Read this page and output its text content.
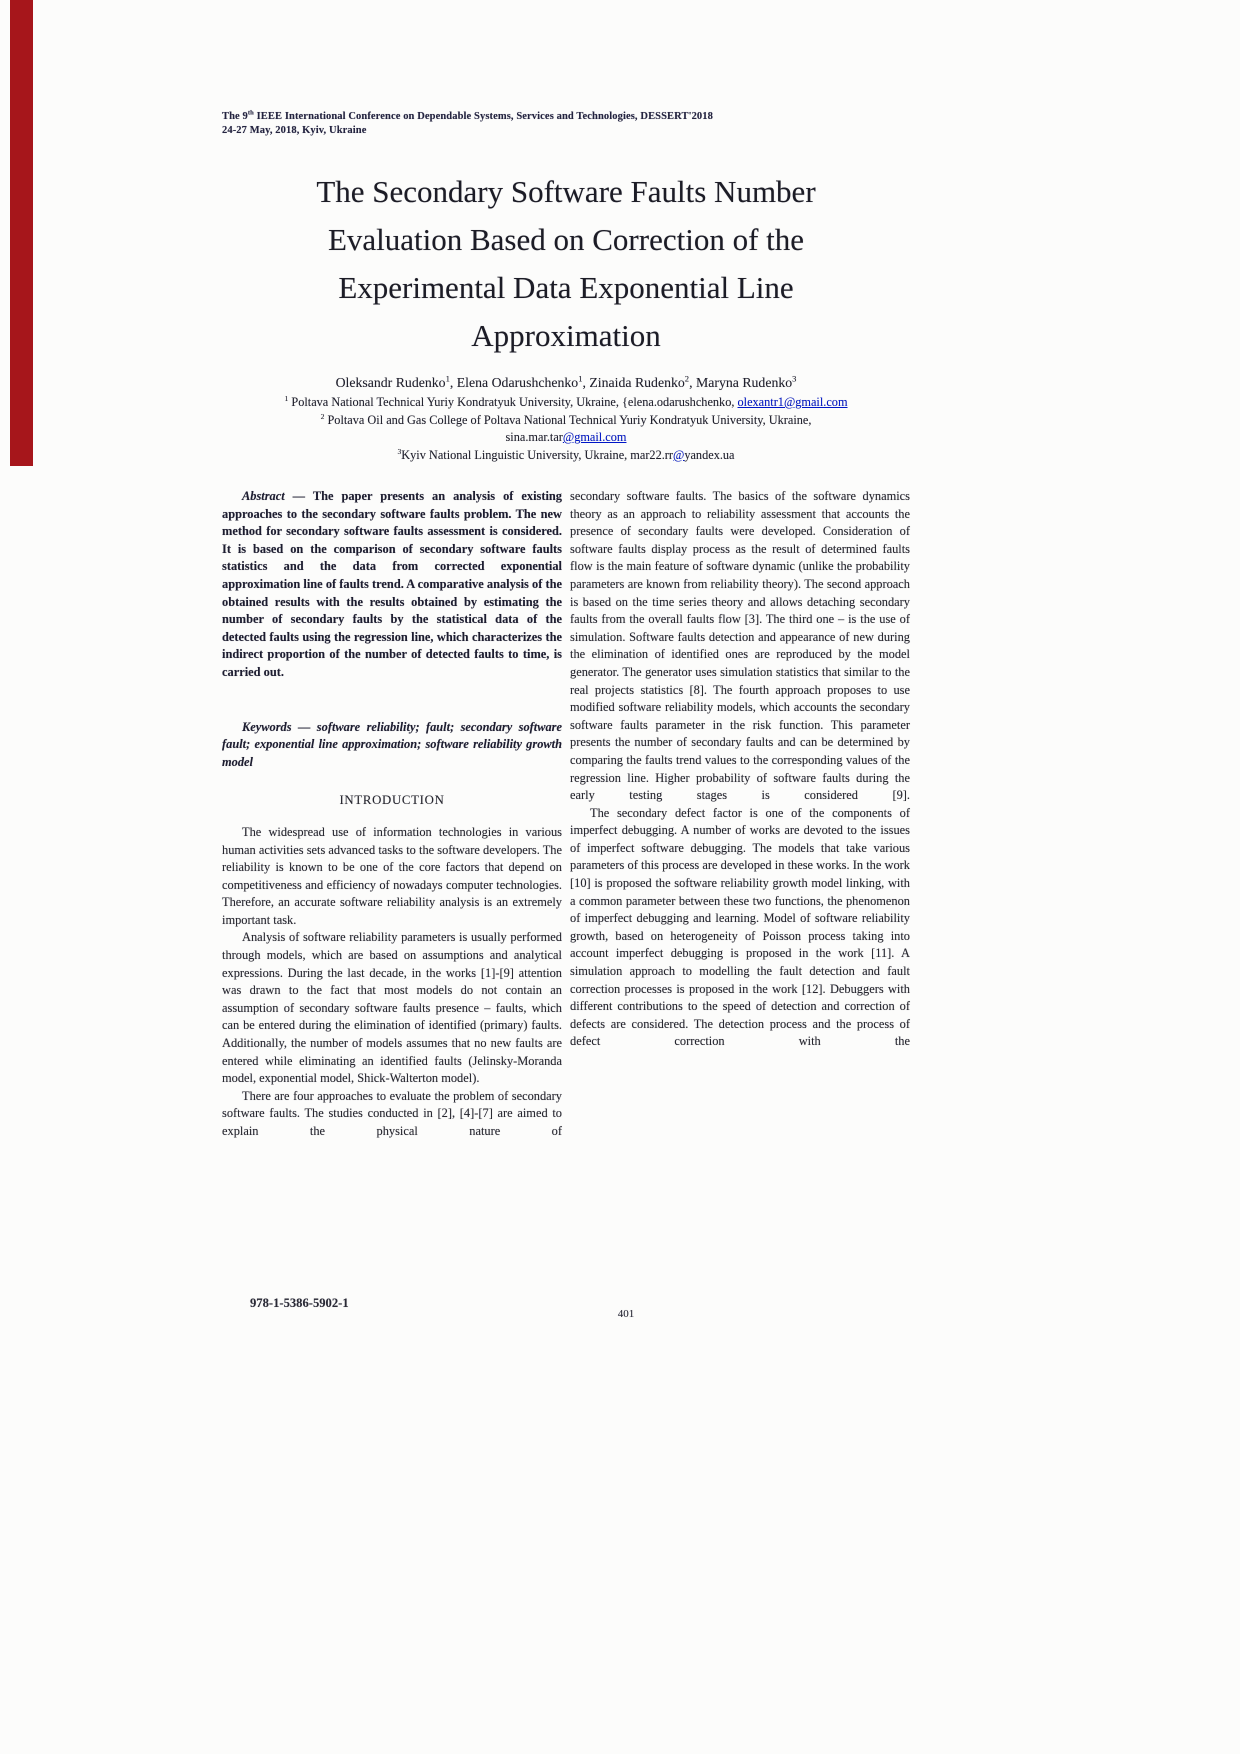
The 9th IEEE International Conference on Dependable Systems, Services and Technologies, DESSERT'2018
24-27 May, 2018, Kyiv, Ukraine
The Secondary Software Faults Number
Evaluation Based on Correction of the
Experimental Data Exponential Line
Approximation
Oleksandr Rudenko$^1$, Elena Odarushchenko$^1$, Zinaida Rudenko$^2$, Maryna Rudenko$^3$
$^1$ Poltava National Technical Yuriy Kondratyuk University, Ukraine, {elena.odarushchenko, olexantr1@gmail.com
$^2$ Poltava Oil and Gas College of Poltava National Technical Yuriy Kondratyuk University, Ukraine,
sina.mar.tar@gmail.com
$^3$Kyiv National Linguistic University, Ukraine, mar22.rr@yandex.ua

Abstract — The paper presents an analysis of existing approaches to the secondary software faults problem. The new method for secondary software faults assessment is considered. It is based on the comparison of secondary software faults statistics and the data from corrected exponential approximation line of faults trend. A comparative analysis of the obtained results with the results obtained by estimating the number of secondary faults by the statistical data of the detected faults using the regression line, which characterizes the indirect proportion of the number of detected faults to time, is carried out.

Keywords — software reliability; fault; secondary software fault; exponential line approximation; software reliability growth model

INTRODUCTION

The widespread use of information technologies in various human activities sets advanced tasks to the software developers. The reliability is known to be one of the core factors that depend on competitiveness and efficiency of nowadays computer technologies. Therefore, an accurate software reliability analysis is an extremely important task.

Analysis of software reliability parameters is usually performed through models, which are based on assumptions and analytical expressions. During the last decade, in the works [1]-[9] attention was drawn to the fact that most models do not contain an assumption of secondary software faults presence – faults, which can be entered during the elimination of identified (primary) faults. Additionally, the number of models assumes that no new faults are entered while eliminating an identified faults (Jelinsky-Moranda model, exponential model, Shick-Walterton model).

There are four approaches to evaluate the problem of secondary software faults. The studies conducted in [2], [4]-[7] are aimed to explain the physical nature of

secondary software faults. The basics of the software dynamics theory as an approach to reliability assessment that accounts the presence of secondary faults were developed. Consideration of software faults display process as the result of determined faults flow is the main feature of software dynamic (unlike the probability parameters are known from reliability theory). The second approach is based on the time series theory and allows detaching secondary faults from the overall faults flow [3]. The third one – is the use of simulation. Software faults detection and appearance of new during the elimination of identified ones are reproduced by the model generator. The generator uses simulation statistics that similar to the real projects statistics [8]. The fourth approach proposes to use modified software reliability models, which accounts the secondary software faults parameter in the risk function. This parameter presents the number of secondary faults and can be determined by comparing the faults trend values to the corresponding values of the regression line. Higher probability of software faults during the early testing stages is considered [9].

The secondary defect factor is one of the components of imperfect debugging. A number of works are devoted to the issues of imperfect software debugging. The models that take various parameters of this process are developed in these works. In the work [10] is proposed the software reliability growth model linking, with a common parameter between these two functions, the phenomenon of imperfect debugging and learning. Model of software reliability growth, based on heterogeneity of Poisson process taking into account imperfect debugging is proposed in the work [11]. A simulation approach to modelling the fault detection and fault correction processes is proposed in the work [12]. Debuggers with different contributions to the speed of detection and correction of defects are considered. The detection process and the process of defect correction with the

978-1-5386-5902-1
401
